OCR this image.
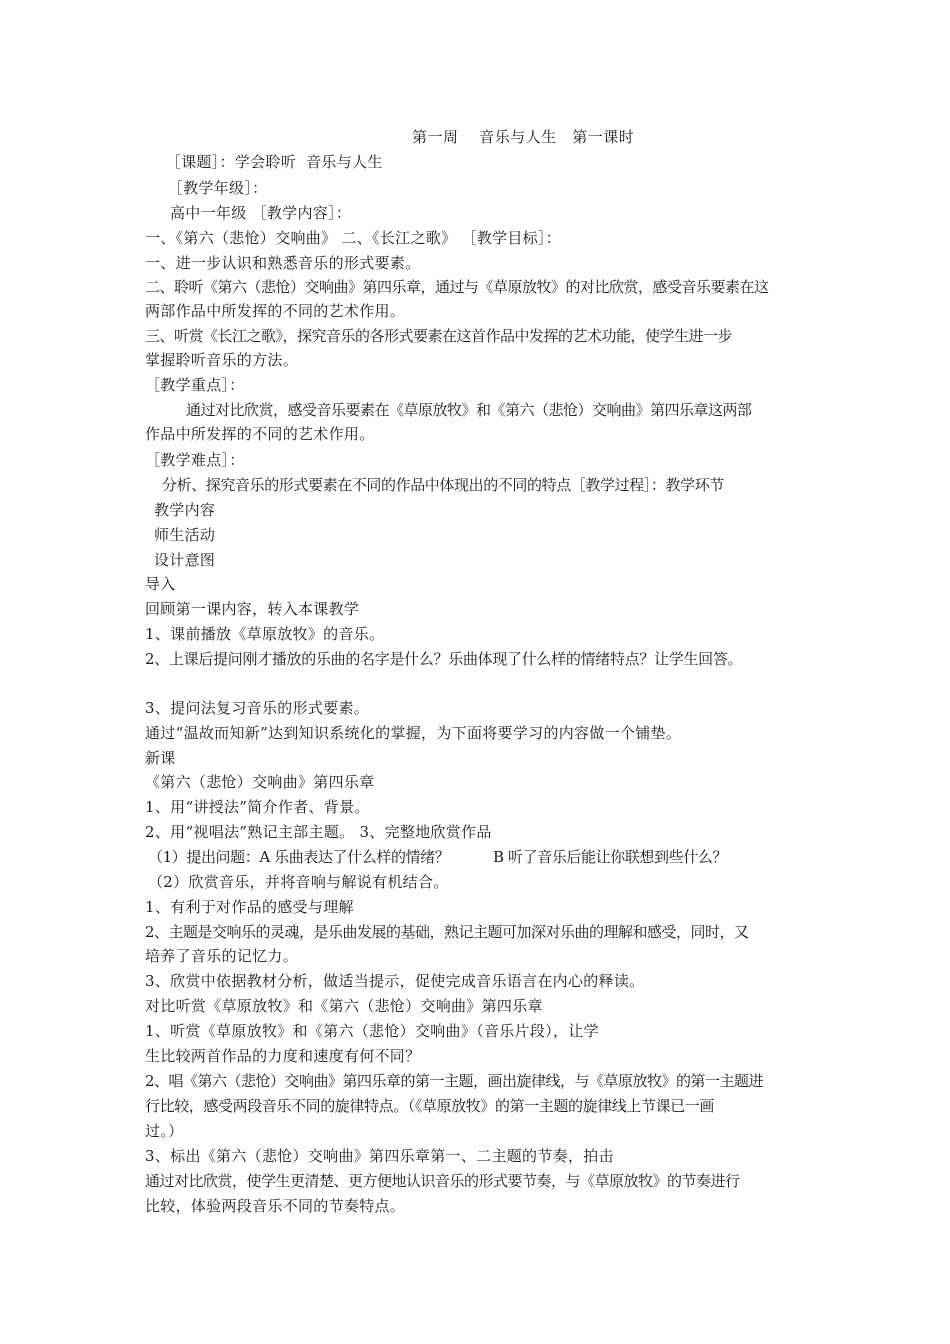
第一周　 音乐与人生　第一课时
　［课题］：学会聆听  音乐与人生
　［教学年级］：
高中一年级 ［教学内容］：
一、《第六（悲怆）交响曲》 二、《长江之歌》 ［教学目标］：
一、进一步认识和熟悉音乐的形式要素。
二、聆听《第六（悲怆）交响曲》第四乐章，通过与《草原放牧》的对比欣赏，感受音乐要素在这
两部作品中所发挥的不同的艺术作用。
三、听赏《长江之歌》，探究音乐的各形式要素在这首作品中发挥的艺术功能，使学生进一步
掌握聆听音乐的方法。
［教学重点］：
通过对比欣赏，感受音乐要素在《草原放牧》和《第六（悲怆）交响曲》第四乐章这两部
作品中所发挥的不同的艺术作用。
［教学难点］：
分析、探究音乐的形式要素在不同的作品中体现出的不同的特点［教学过程］：教学环节
教学内容
师生活动
设计意图
导入
回顾第一课内容，转入本课教学
1、课前播放《草原放牧》的音乐。
2、上课后提问刚才播放的乐曲的名字是什么？乐曲体现了什么样的情绪特点？让学生回答。
3、提问法复习音乐的形式要素。
通过“温故而知新”达到知识系统化的掌握，为下面将要学习的内容做一个铺垫。
新课
《第六（悲怆）交响曲》第四乐章
1、用“讲授法”简介作者、背景。
2、用“视唱法”熟记主部主题。 3、完整地欣赏作品
（1）提出问题：A 乐曲表达了什么样的情绪？          B 听了音乐后能让你联想到些什么？
（2）欣赏音乐，并将音响与解说有机结合。
1、有利于对作品的感受与理解
2、主题是交响乐的灵魂，是乐曲发展的基础，熟记主题可加深对乐曲的理解和感受，同时，又
培养了音乐的记忆力。
3、欣赏中依据教材分析，做适当提示，促使完成音乐语言在内心的释读。
对比听赏《草原放牧》和《第六（悲怆）交响曲》第四乐章
1、听赏《草原放牧》和《第六（悲怆）交响曲》（音乐片段），让学
生比较两首作品的力度和速度有何不同？
2、唱《第六（悲怆）交响曲》第四乐章的第一主题，画出旋律线，与《草原放牧》的第一主题进
行比较，感受两段音乐不同的旋律特点。（《草原放牧》的第一主题的旋律线上节课已一画
过。）
3、标出《第六（悲怆）交响曲》第四乐章第一、二主题的节奏，拍击
通过对比欣赏，使学生更清楚、更方便地认识音乐的形式要节奏，与《草原放牧》的节奏进行
比较，体验两段音乐不同的节奏特点。
